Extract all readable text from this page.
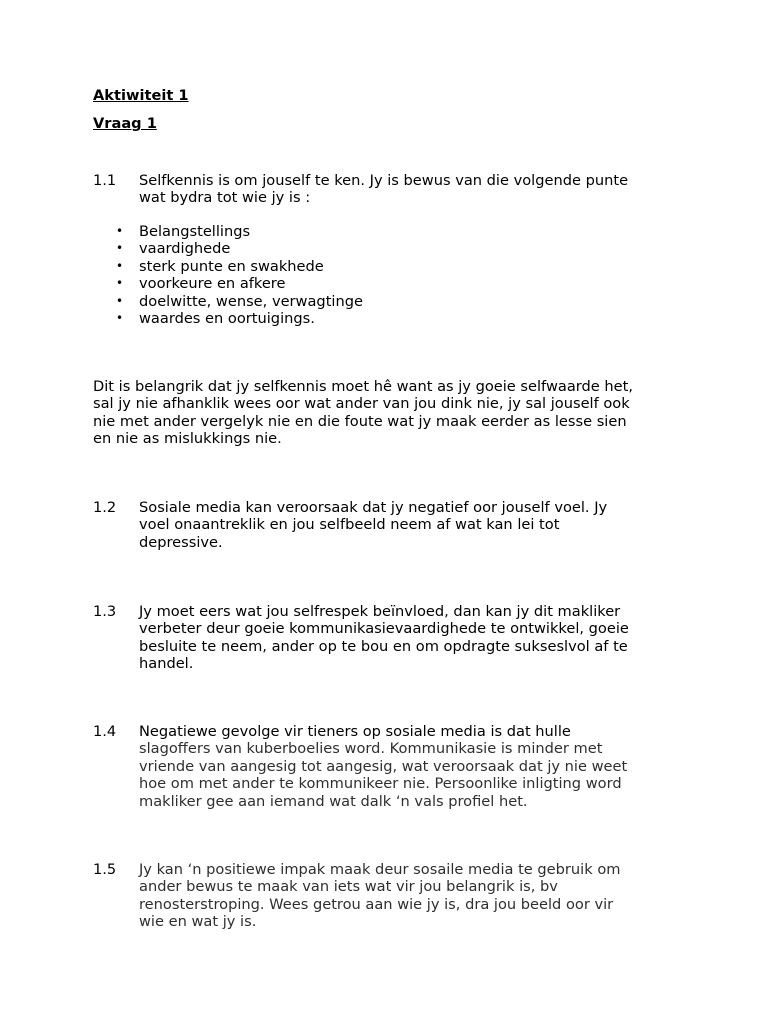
Aktiwiteit 1
Vraag 1
1.1	Selfkennis is om jouself te ken. Jy is bewus van die volgende punte
wat bydra tot wie jy is :
• Belangstellings
• vaardighede
• sterk punte en swakhede
• voorkeure en afkere
• doelwitte, wense, verwagtinge
• waardes en oortuigings.
Dit is belangrik dat jy selfkennis moet hê want as jy goeie selfwaarde het,
sal jy nie afhanklik wees oor wat ander van jou dink nie, jy sal jouself ook
nie met ander vergelyk nie en die foute wat jy maak eerder as lesse sien
en nie as mislukkings nie.
1.2	Sosiale media kan veroorsaak dat jy negatief oor jouself voel. Jy
voel onaantreklik en jou selfbeeld neem af wat kan lei tot
depressive.
1.3	Jy moet eers wat jou selfrespek beïnvloed, dan kan jy dit makliker
verbeter deur goeie kommunikasievaardighede te ontwikkel, goeie
besluite te neem, ander op te bou en om opdragte sukseslvol af te
handel.
1.4	Negatiewe gevolge vir tieners op sosiale media is dat hulle
slagoffers van kuberboelies word. Kommunikasie is minder met
vriende van aangesig tot aangesig, wat veroorsaak dat jy nie weet
hoe om met ander te kommunikeer nie. Persoonlike inligting word
makliker gee aan iemand wat dalk ‘n vals profiel het.
1.5	Jy kan ‘n positiewe impak maak deur sosaile media te gebruik om
ander bewus te maak van iets wat vir jou belangrik is, bv
renosterstroping. Wees getrou aan wie jy is, dra jou beeld oor vir
wie en wat jy is.
